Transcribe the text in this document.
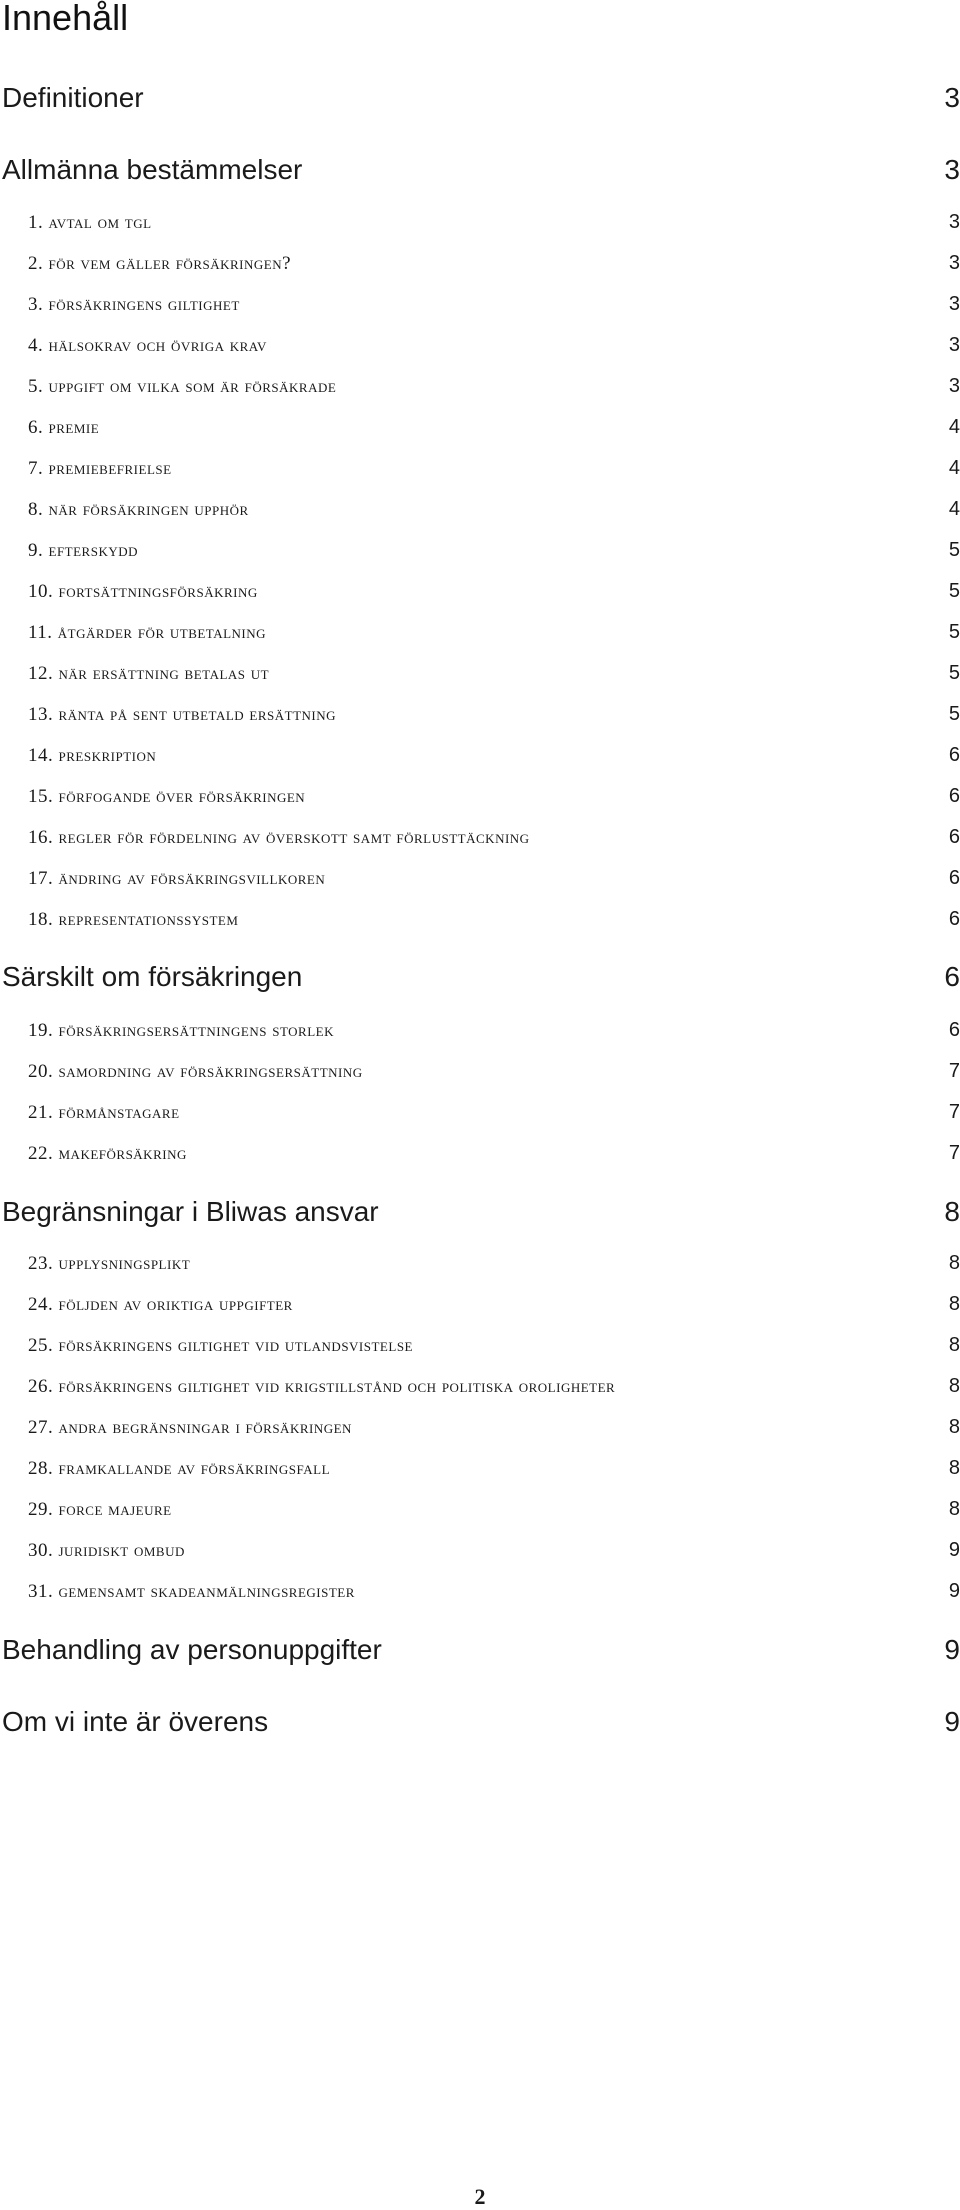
Innehåll
Definitioner	3
Allmänna bestämmelser	3
1. avtal om tgl	3
2. för vem gäller försäkringen?	3
3. försäkringens giltighet	3
4. hälsokrav och övriga krav	3
5. uppgift om vilka som är försäkrade	3
6. premie	4
7. premiebefrielse	4
8. när försäkringen upphör	4
9. efterskydd	5
10. fortsättningsförsäkring	5
11. åtgärder för utbetalning	5
12. när ersättning betalas ut	5
13. ränta på sent utbetald ersättning	5
14. preskription	6
15. förfogande över försäkringen	6
16. regler för fördelning av överskott samt förlusttäckning	6
17. ändring av försäkringsvillkoren	6
18. representationssystem	6
Särskilt om försäkringen	6
19. försäkringsersättningens storlek	6
20. samordning av försäkringsersättning	7
21. förmånstagare	7
22. makeförsäkring	7
Begränsningar i Bliwas ansvar	8
23. upplysningsplikt	8
24. följden av oriktiga uppgifter	8
25. försäkringens giltighet vid utlandsvistelse	8
26. försäkringens giltighet vid krigstillstånd och politiska oroligheter	8
27. andra begränsningar i försäkringen	8
28. framkallande av försäkringsfall	8
29. force majeure	8
30. juridiskt ombud	9
31. gemensamt skadeanmälningsregister	9
Behandling av personuppgifter	9
Om vi inte är överens	9
2
